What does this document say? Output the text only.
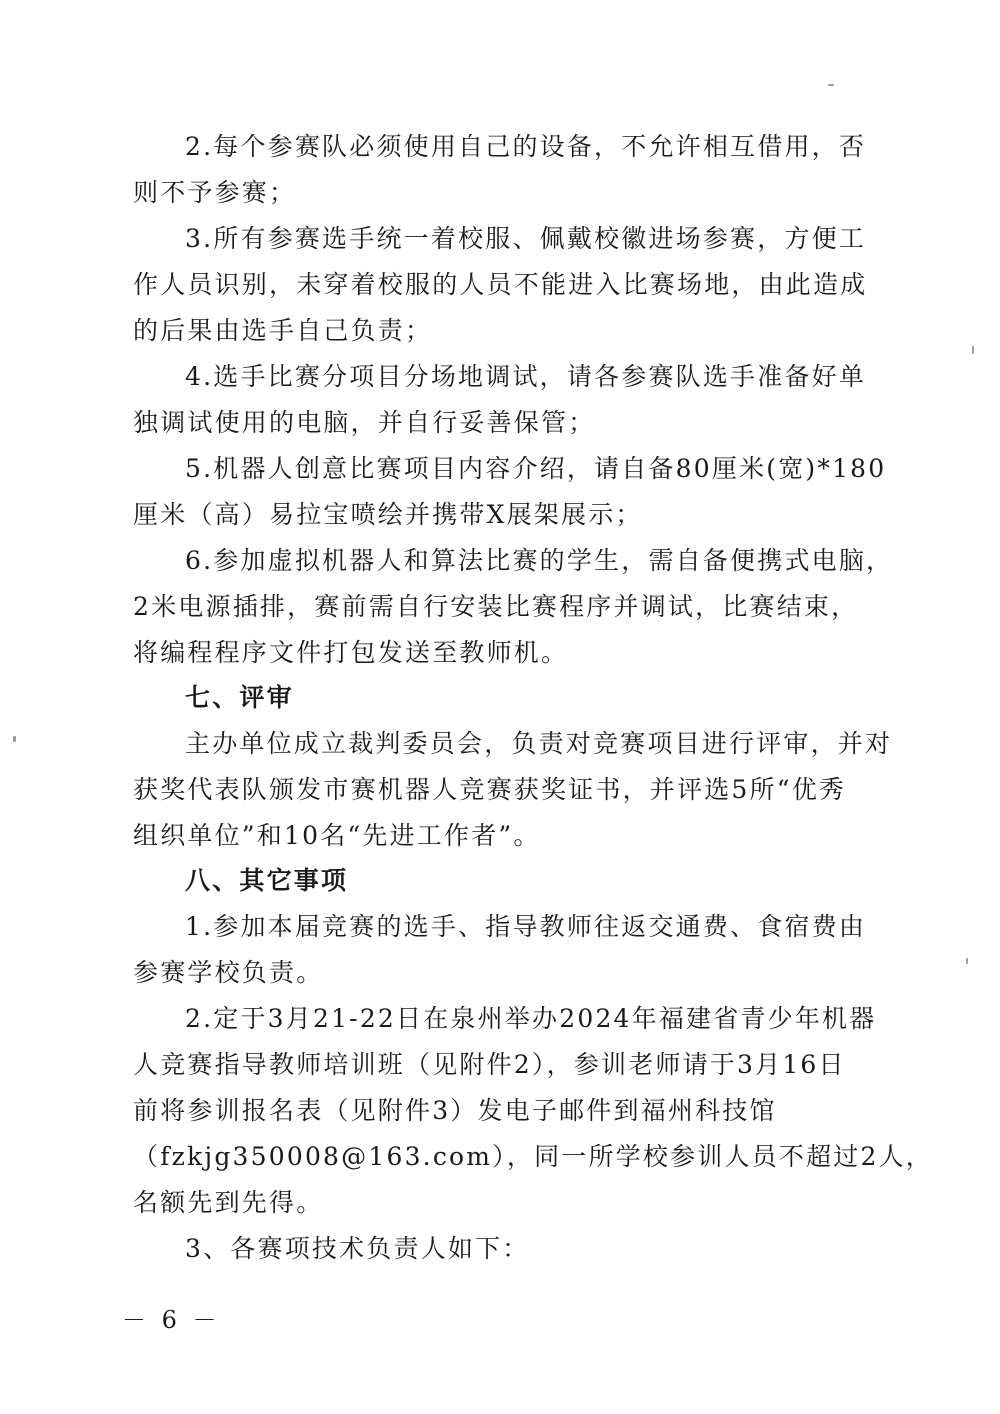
2.每个参赛队必须使用自己的设备，不允许相互借用，否
则不予参赛；
3.所有参赛选手统一着校服、佩戴校徽进场参赛，方便工
作人员识别，未穿着校服的人员不能进入比赛场地，由此造成
的后果由选手自己负责；
4.选手比赛分项目分场地调试，请各参赛队选手准备好单
独调试使用的电脑，并自行妥善保管；
5.机器人创意比赛项目内容介绍，请自备80厘米(宽)*180
厘米（高）易拉宝喷绘并携带X展架展示；
6.参加虚拟机器人和算法比赛的学生，需自备便携式电脑，
2米电源插排，赛前需自行安装比赛程序并调试，比赛结束，
将编程程序文件打包发送至教师机。
七、评审
主办单位成立裁判委员会，负责对竞赛项目进行评审，并对
获奖代表队颁发市赛机器人竞赛获奖证书，并评选5所“优秀
组织单位”和10名“先进工作者”。
八、其它事项
1.参加本届竞赛的选手、指导教师往返交通费、食宿费由
参赛学校负责。
2.定于3月21-22日在泉州举办2024年福建省青少年机器
人竞赛指导教师培训班（见附件2），参训老师请于3月16日
前将参训报名表（见附件3）发电子邮件到福州科技馆
（fzkjg350008@163.com），同一所学校参训人员不超过2人，
名额先到先得。
3、各赛项技术负责人如下：
－ 6 －
